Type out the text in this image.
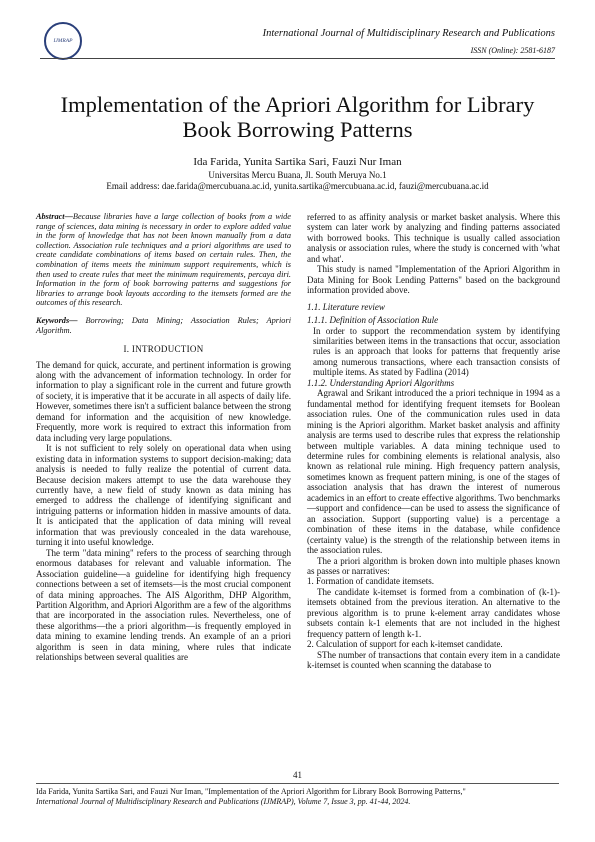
IJMRAP
International Journal of Multidisciplinary Research and Publications
ISSN (Online): 2581-6187
Implementation of the Apriori Algorithm for Library
Book Borrowing Patterns
Ida Farida, Yunita Sartika Sari, Fauzi Nur Iman
Universitas Mercu Buana, Jl. South Meruya No.1
Email address: dae.farida@mercubuana.ac.id, yunita.sartika@mercubuana.ac.id, fauzi@mercubuana.ac.id

Abstract—Because libraries have a large collection of books from a wide range of sciences, data mining is necessary in order to explore added value in the form of knowledge that has not been known manually from a data collection. Association rule techniques and a priori algorithms are used to create candidate combinations of items based on certain rules. Then, the combination of items meets the minimum support requirements, which is then used to create rules that meet the minimum requirements, percaya diri. Information in the form of book borrowing patterns and suggestions for libraries to arrange book layouts according to the itemsets formed are the outcomes of this research.

Keywords— Borrowing; Data Mining; Association Rules; Apriori Algorithm.

I. INTRODUCTION

The demand for quick, accurate, and pertinent information is growing along with the advancement of information technology. In order for information to play a significant role in the current and future growth of society, it is imperative that it be accurate in all aspects of daily life. However, sometimes there isn't a sufficient balance between the strong demand for information and the acquisition of new knowledge. Frequently, more work is required to extract this information from data including very large populations.

It is not sufficient to rely solely on operational data when using existing data in information systems to support decision-making; data analysis is needed to fully realize the potential of current data. Because decision makers attempt to use the data warehouse they currently have, a new field of study known as data mining has emerged to address the challenge of identifying significant and intriguing patterns or information hidden in massive amounts of data. It is anticipated that the application of data mining will reveal information that was previously concealed in the data warehouse, turning it into useful knowledge.

The term "data mining" refers to the process of searching through enormous databases for relevant and valuable information. The Association guideline—a guideline for identifying high frequency connections between a set of itemsets—is the most crucial component of data mining approaches. The AIS Algorithm, DHP Algorithm, Partition Algorithm, and Apriori Algorithm are a few of the algorithms that are incorporated in the association rules. Nevertheless, one of these algorithms—the a priori algorithm—is frequently employed in data mining to examine lending trends. An example of an a priori algorithm is seen in data mining, where rules that indicate relationships between several qualities are

referred to as affinity analysis or market basket analysis. Where this system can later work by analyzing and finding patterns associated with borrowed books. This technique is usually called association analysis or association rules, where the study is concerned with 'what and what'.

This study is named "Implementation of the Apriori Algorithm in Data Mining for Book Lending Patterns" based on the background information provided above.

1.1. Literature review

1.1.1. Definition of Association Rule

In order to support the recommendation system by identifying similarities between items in the transactions that occur, association rules is an approach that looks for patterns that frequently arise among numerous transactions, where each transaction consists of multiple items. As stated by Fadlina (2014)

1.1.2. Understanding Apriori Algorithms

Agrawal and Srikant introduced the a priori technique in 1994 as a fundamental method for identifying frequent itemsets for Boolean association rules. One of the communication rules used in data mining is the Apriori algorithm. Market basket analysis and affinity analysis are terms used to describe rules that express the relationship between multiple variables. A data mining technique used to determine rules for combining elements is relational analysis, also known as relational rule mining. High frequency pattern analysis, sometimes known as frequent pattern mining, is one of the stages of association analysis that has drawn the interest of numerous academics in an effort to create effective algorithms. Two benchmarks—support and confidence—can be used to assess the significance of an association. Support (supporting value) is a percentage a combination of these items in the database, while confidence (certainty value) is the strength of the relationship between items in the association rules.

The a priori algorithm is broken down into multiple phases known as passes or narratives:

1. Formation of candidate itemsets.

The candidate k-itemset is formed from a combination of (k-1)- itemsets obtained from the previous iteration. An alternative to the previous algorithm is to prune k-element array candidates whose subsets contain k-1 elements that are not included in the highest frequency pattern of length k-1.

2. Calculation of support for each k-itemset candidate.

SThe number of transactions that contain every item in a candidate k-itemset is counted when scanning the database to

41
Ida Farida, Yunita Sartika Sari, and Fauzi Nur Iman, "Implementation of the Apriori Algorithm for Library Book Borrowing Patterns,"
International Journal of Multidisciplinary Research and Publications (IJMRAP), Volume 7, Issue 3, pp. 41-44, 2024.
